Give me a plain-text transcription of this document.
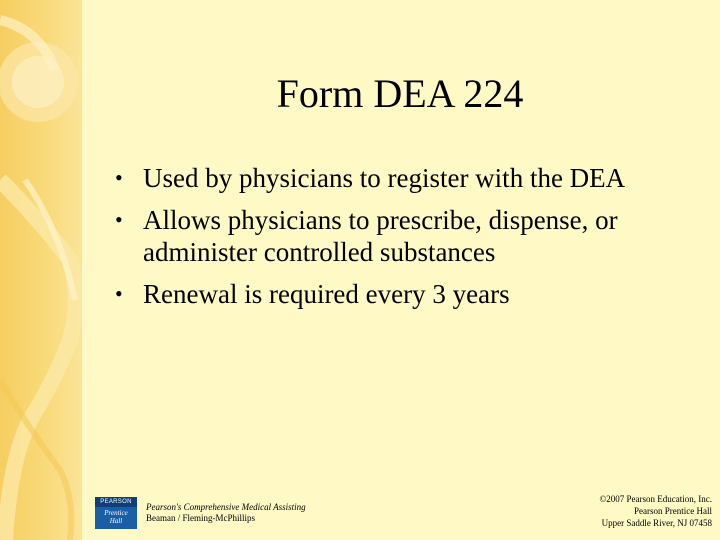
Form DEA 224
• Used by physicians to register with the DEA
• Allows physicians to prescribe, dispense, or administer controlled substances
• Renewal is required every 3 years
PEARSON
Prentice
Hall
Pearson's Comprehensive Medical Assisting
Beaman / Fleming-McPhillips
©2007 Pearson Education, Inc.
Pearson Prentice Hall
Upper Saddle River, NJ 07458
